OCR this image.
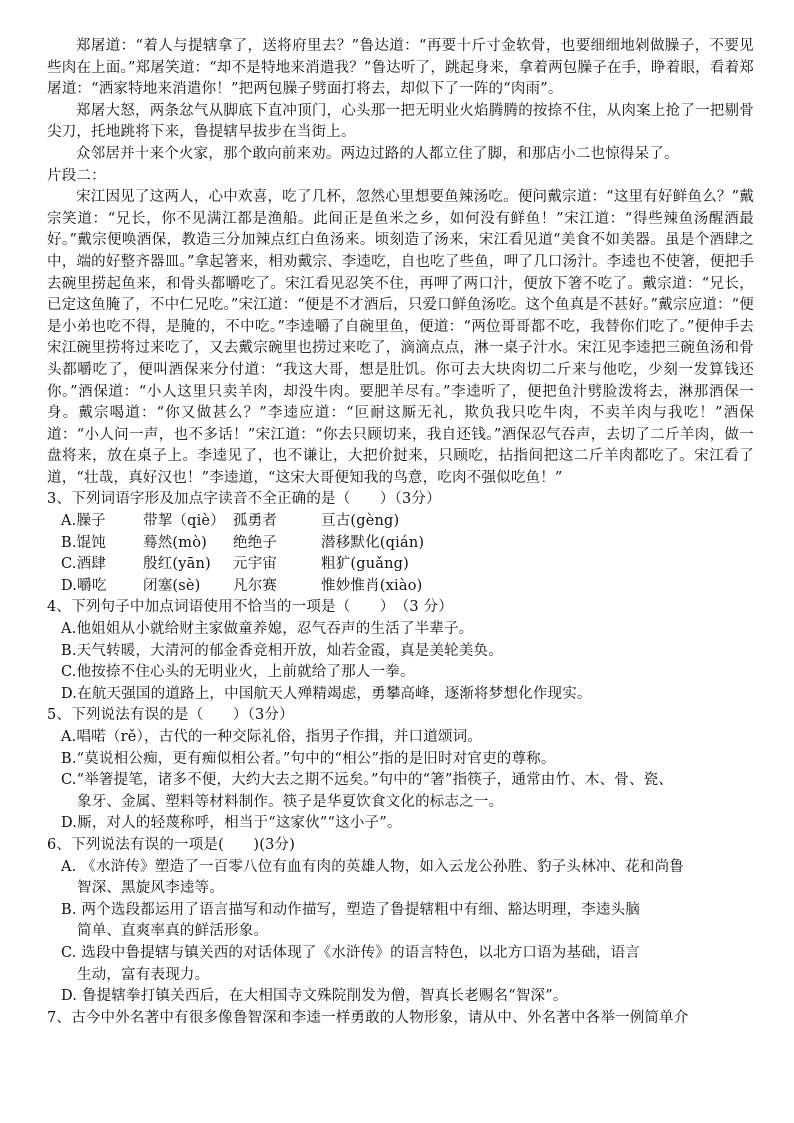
郑屠道：“着人与提辖拿了，送将府里去？”鲁达道：“再要十斤寸金软骨，也要细细地剁做臊子，不要见些肉在上面。”郑屠笑道：“却不是特地来消遣我？”鲁达听了，跳起身来，拿着两包臊子在手，睁着眼，看着郑屠道：“洒家特地来消遣你！”把两包臊子劈面打将去，却似下了一阵的“肉雨”。

郑屠大怒，两条忿气从脚底下直冲顶门，心头那一把无明业火焰腾腾的按捺不住，从肉案上抢了一把剔骨尖刀，托地跳将下来，鲁提辖早拔步在当街上。

众邻居并十来个火家，那个敢向前来劝。两边过路的人都立住了脚，和那店小二也惊得呆了。

片段二：

宋江因见了这两人，心中欢喜，吃了几杯，忽然心里想要鱼辣汤吃。便问戴宗道：“这里有好鲜鱼么？”戴宗笑道：“兄长，你不见满江都是渔船。此间正是鱼米之乡，如何没有鲜鱼！”宋江道：“得些辣鱼汤醒酒最好。”戴宗便唤酒保，教造三分加辣点红白鱼汤来。顷刻造了汤来，宋江看见道“美食不如美器。虽是个酒肆之中，端的好整齐器皿。”拿起箸来，相劝戴宗、李逵吃，自也吃了些鱼，呷了几口汤汁。李逵也不使箸，便把手去碗里捞起鱼来，和骨头都嚼吃了。宋江看见忍笑不住，再呷了两口汁，便放下箸不吃了。戴宗道：“兄长，已定这鱼腌了，不中仁兄吃。”宋江道：“便是不才酒后，只爱口鲜鱼汤吃。这个鱼真是不甚好。”戴宗应道：“便是小弟也吃不得，是腌的，不中吃。”李逵嚼了自碗里鱼，便道：“两位哥哥都不吃，我替你们吃了。”便伸手去宋江碗里捞将过来吃了，又去戴宗碗里也捞过来吃了，滴滴点点，淋一桌子汁水。宋江见李逵把三碗鱼汤和骨头都嚼吃了，便叫酒保来分付道：“我这大哥，想是肚饥。你可去大块肉切二斤来与他吃，少刻一发算钱还你。”酒保道：“小人这里只卖羊肉，却没牛肉。要肥羊尽有。”李逵听了，便把鱼汁劈脸泼将去，淋那酒保一身。戴宗喝道：“你又做甚么？”李逵应道：“叵耐这厮无礼，欺负我只吃牛肉，不卖羊肉与我吃！”酒保道：“小人问一声，也不多话！”宋江道：“你去只顾切来，我自还钱。”酒保忍气吞声，去切了二斤羊肉，做一盘将来，放在桌子上。李逵见了，也不谦让，大把价挝来，只顾吃，拈指间把这二斤羊肉都吃了。宋江看了道，“壮哉，真好汉也！”李逵道，“这宋大哥便知我的鸟意，吃肉不强似吃鱼！”

3、下列词语字形及加点字读音不全正确的是（　　）（3分）

A.臊子	带挈（qiè） 孤勇者	亘古(gèng)
B.馄饨	蓦然(mò)	绝绝子	潜移默化(qián)
C.酒肆	殷红(yān)	元宇宙	粗犷(guǎng)
D.嚼吃	闭塞(sè)	凡尔赛	惟妙惟肖(xiào)

4、下列句子中加点词语使用不恰当的一项是（　　）　（3 分）

A.他姐姐从小就给财主家做童养媳，忍气吞声的生活了半辈子。

B.天气转暖，大清河的郁金香竞相开放，灿若金霞，真是美轮美奂。

C.他按捺不住心头的无明业火，上前就给了那人一拳。

D.在航天强国的道路上，中国航天人殚精竭虑，勇攀高峰，逐渐将梦想化作现实。

5、下列说法有误的是（　　）（3分）

A.唱喏（rě），古代的一种交际礼俗，指男子作揖，并口道颂词。

B.“莫说相公痴，更有痴似相公者。”句中的“相公”指的是旧时对官吏的尊称。

C.“举箸提笔，诸多不便，大约大去之期不远矣。”句中的“箸”指筷子，通常由竹、木、骨、瓷、

象牙、金属、塑料等材料制作。筷子是华夏饮食文化的标志之一。

D.厮，对人的轻蔑称呼，相当于“这家伙”“这小子”。

6、下列说法有误的一项是(　　)(3分)

A. 《水浒传》塑造了一百零八位有血有肉的英雄人物，如入云龙公孙胜、豹子头林冲、花和尚鲁

智深、黑旋风李逵等。

B. 两个选段都运用了语言描写和动作描写，塑造了鲁提辖粗中有细、豁达明理，李逵头脑

简单、直爽率真的鲜活形象。

C. 选段中鲁提辖与镇关西的对话体现了《水浒传》的语言特色，以北方口语为基础，语言

生动，富有表现力。

D. 鲁提辖拳打镇关西后，在大相国寺文殊院削发为僧，智真长老赐名“智深”。

7、古今中外名著中有很多像鲁智深和李逵一样勇敢的人物形象，请从中、外名著中各举一例简单介
